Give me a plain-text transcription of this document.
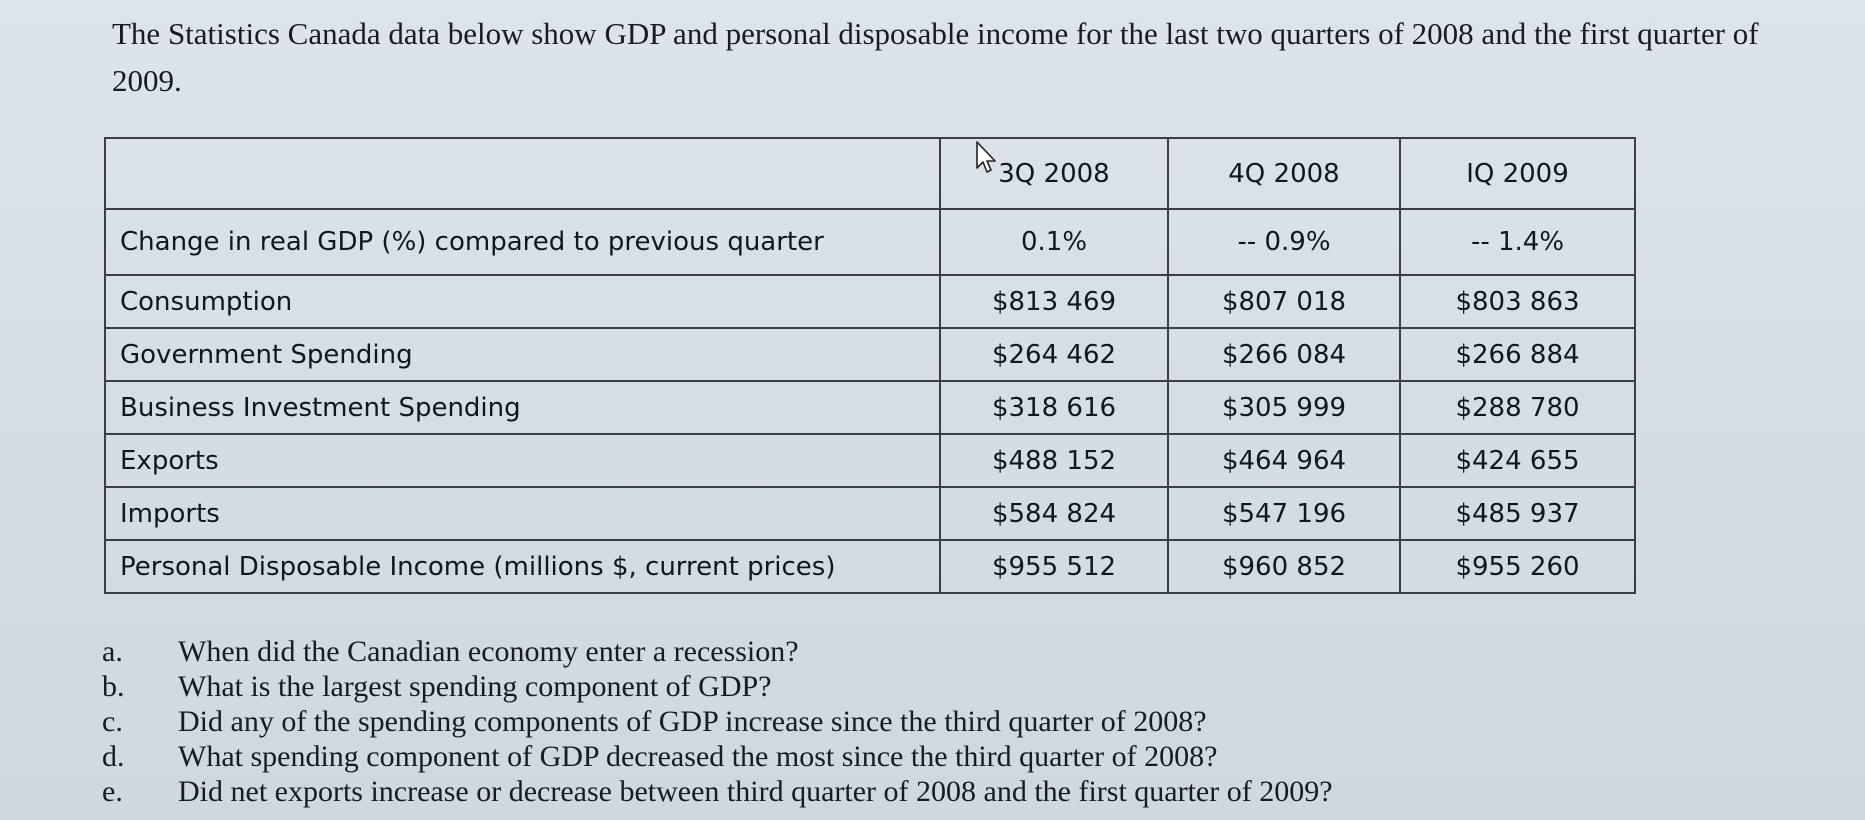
The Statistics Canada data below show GDP and personal disposable income for the last two quarters of 2008 and the first quarter of 2009.

	3Q 2008	4Q 2008	IQ 2009
Change in real GDP (%) compared to previous quarter	0.1%	-- 0.9%	-- 1.4%
Consumption	$813 469	$807 018	$803 863
Government Spending	$264 462	$266 084	$266 884
Business Investment Spending	$318 616	$305 999	$288 780
Exports	$488 152	$464 964	$424 655
Imports	$584 824	$547 196	$485 937
Personal Disposable Income (millions $, current prices)	$955 512	$960 852	$955 260
a.	When did the Canadian economy enter a recession?
b.	What is the largest spending component of GDP?
c.	Did any of the spending components of GDP increase since the third quarter of 2008?
d.	What spending component of GDP decreased the most since the third quarter of 2008?
e.	Did net exports increase or decrease between third quarter of 2008 and the first quarter of 2009?
